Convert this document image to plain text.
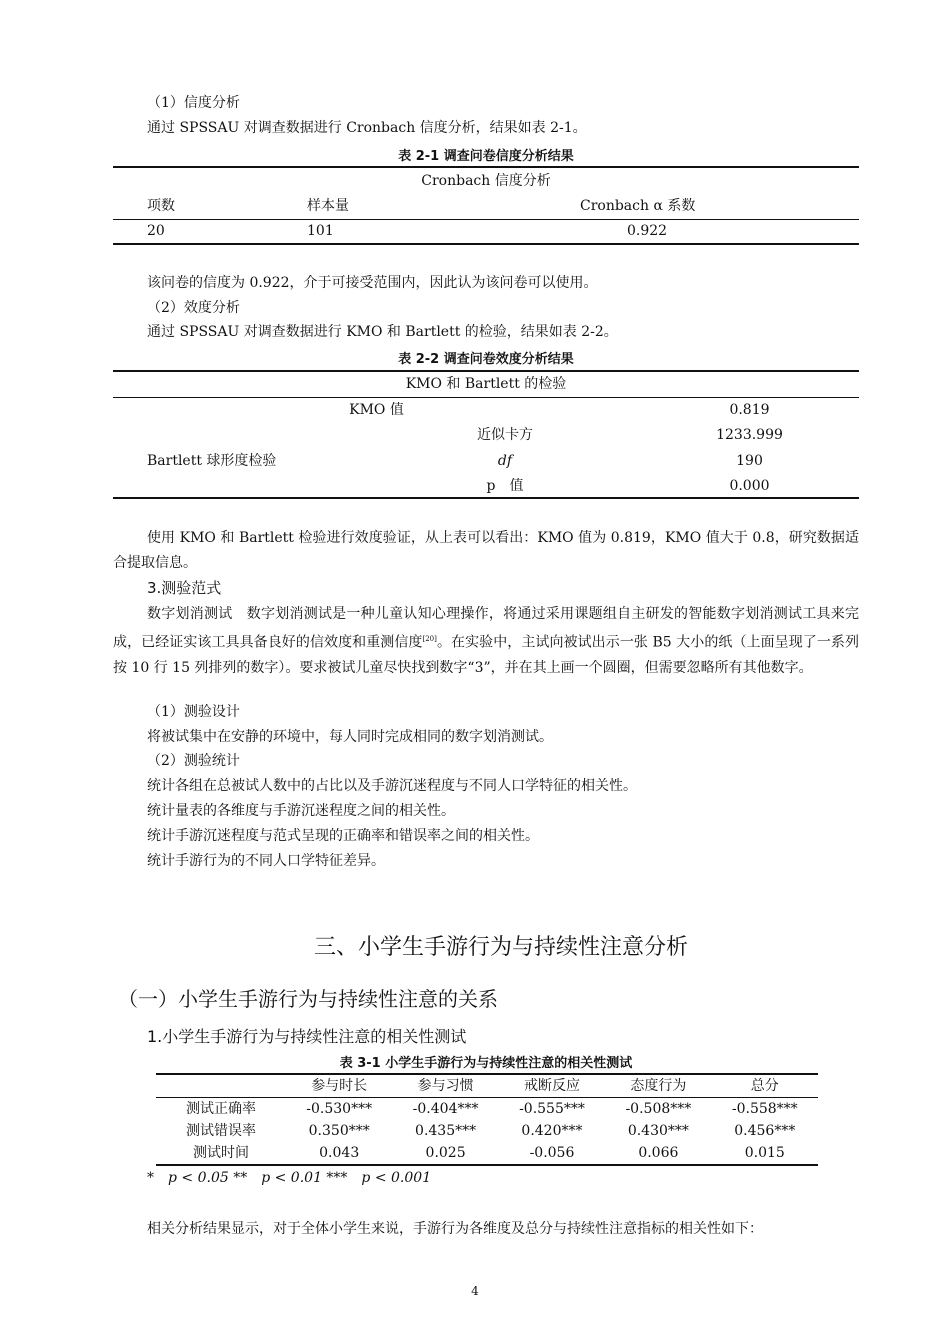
（1）信度分析
通过 SPSSAU 对调查数据进行 Cronbach 信度分析，结果如表 2-1。
表 2-1 调查问卷信度分析结果
Cronbach 信度分析
项数	样本量	Cronbach α 系数
20	101	0.922
该问卷的信度为 0.922，介于可接受范围内，因此认为该问卷可以使用。
（2）效度分析
通过 SPSSAU 对调查数据进行 KMO 和 Bartlett 的检验，结果如表 2-2。
表 2-2 调查问卷效度分析结果
KMO 和 Bartlett 的检验
KMO 值	0.819
Bartlett 球形度检验
近似卡方	1233.999
df	190
p　值	0.000
使用 KMO 和 Bartlett 检验进行效度验证，从上表可以看出：KMO 值为 0.819，KMO 值大于 0.8，研究数据适合提取信息。
3.测验范式
数字划消测试　数字划消测试是一种儿童认知心理操作，将通过采用课题组自主研发的智能数字划消测试工具来完成，已经证实该工具具备良好的信效度和重测信度[20]。在实验中，主试向被试出示一张 B5 大小的纸（上面呈现了一系列按 10 行 15 列排列的数字）。要求被试儿童尽快找到数字“3”，并在其上画一个圆圈，但需要忽略所有其他数字。
（1）测验设计
将被试集中在安静的环境中，每人同时完成相同的数字划消测试。
（2）测验统计
统计各组在总被试人数中的占比以及手游沉迷程度与不同人口学特征的相关性。
统计量表的各维度与手游沉迷程度之间的相关性。
统计手游沉迷程度与范式呈现的正确率和错误率之间的相关性。
统计手游行为的不同人口学特征差异。
三、小学生手游行为与持续性注意分析
（一）小学生手游行为与持续性注意的关系
1.小学生手游行为与持续性注意的相关性测试
表 3-1 小学生手游行为与持续性注意的相关性测试
	参与时长	参与习惯	戒断反应	态度行为	总分
测试正确率	-0.530***	-0.404***	-0.555***	-0.508***	-0.558***
测试错误率	0.350***	0.435***	0.420***	0.430***	0.456***
测试时间	0.043	0.025	-0.056	0.066	0.015
*　p < 0.05 **　p < 0.01 ***　p < 0.001
相关分析结果显示，对于全体小学生来说，手游行为各维度及总分与持续性注意指标的相关性如下：
4
